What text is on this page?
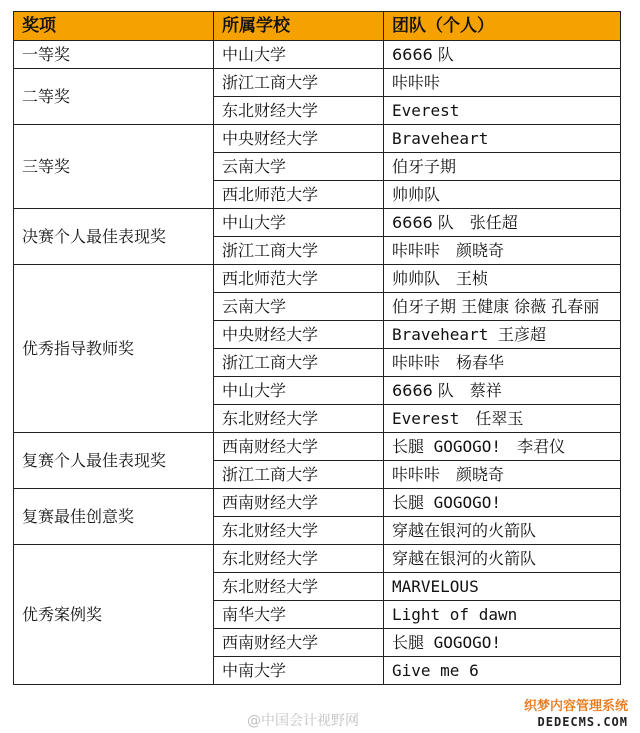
奖项	所属学校	团队（个人）
一等奖	中山大学	6666 队
二等奖	浙江工商大学	咔咔咔
	东北财经大学	Everest
三等奖	中央财经大学	Braveheart
	云南大学	伯牙子期
	西北师范大学	帅帅队
决赛个人最佳表现奖	中山大学	6666 队　张任超
	浙江工商大学	咔咔咔　颜晓奇
优秀指导教师奖	西北师范大学	帅帅队　王桢
	云南大学	伯牙子期 王健康 徐薇 孔春丽
	中央财经大学	Braveheart 王彦超
	浙江工商大学	咔咔咔　杨春华
	中山大学	6666 队　蔡祥
	东北财经大学	Everest　任翠玉
复赛个人最佳表现奖	西南财经大学	长腿 GOGOGO!　李君仪
	浙江工商大学	咔咔咔　颜晓奇
复赛最佳创意奖	西南财经大学	长腿 GOGOGO!
	东北财经大学	穿越在银河的火箭队
优秀案例奖	东北财经大学	穿越在银河的火箭队
	东北财经大学	MARVELOUS
	南华大学	Light of dawn
	西南财经大学	长腿 GOGOGO!
	中南大学	Give me 6
@中国会计视野网
织梦内容管理系统
DEDECMS.COM
